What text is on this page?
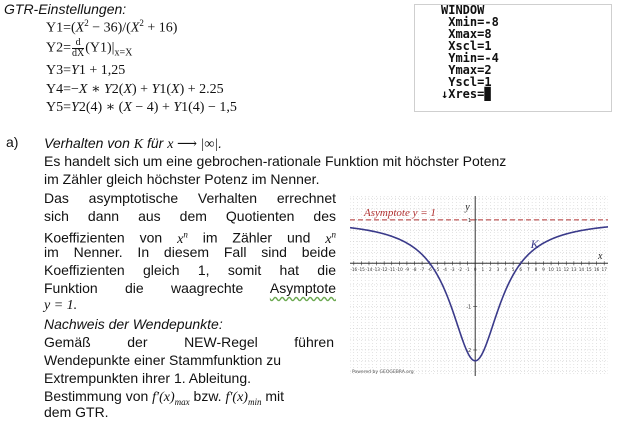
GTR-Einstellungen:
$Y1=(X^2 - 36)/(X^2 + 16)$
$Y2= \frac{d}{dX} (Y1)|_{x=X}$
Y3=Y1 + 1,25
Y4=−X ∗ Y2(X) + Y1(X) + 2.25
Y5=Y2(4) ∗ (X − 4) + Y1(4) − 1,5
WINDOW
Xmin=-8
Xmax=8
Xscl=1
Ymin=-4
Ymax=2
Yscl=1
↓Xres=▉
a) Verhalten von K für x ⟶ |∞|.
Es handelt sich um eine gebrochen-rationale Funktion mit höchster Potenz
im Zähler gleich höchster Potenz im Nenner.
Das asymptotische Verhalten errechnet
sich dann aus dem Quotienten des
Koeffizienten von $x^n$ im Zähler und $x^n$
im Nenner. In diesem Fall sind beide
Koeffizienten gleich 1, somit hat die
Funktion die waagrechte Asymptote
y = 1.
Nachweis der Wendepunkte:
Gemäß der NEW-Regel führen
Wendepunkte einer Stammfunktion zu
Extrempunkten ihrer 1. Ableitung.
Bestimmung von $f'(x)_{max}$ bzw. $f'(x)_{min}$ mit
dem GTR.
-16 -15 -14 -13 -12 -11 -10 -9 -8 -7 -6 -5 -4 -3 -2 -1 0 1 2 3 4 5 6 7 8 9 10 11 12 13 14 15 16 17
-2
-1
1
Asymptote y = 1
K
x
y
Powered by GEOGEBRA.org
